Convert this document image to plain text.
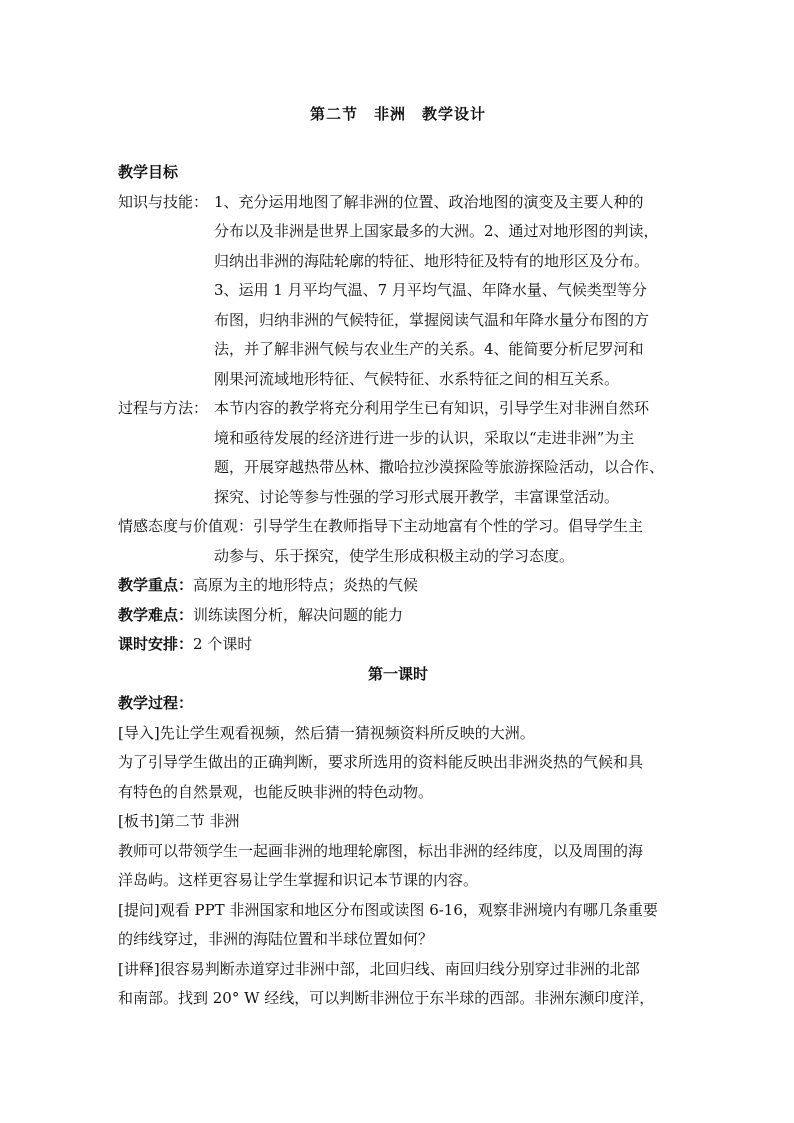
第二节　非洲　教学设计
教学目标
知识与技能： 1、充分运用地图了解非洲的位置、政治地图的演变及主要人种的
分布以及非洲是世界上国家最多的大洲。2、通过对地形图的判读，
归纳出非洲的海陆轮廓的特征、地形特征及特有的地形区及分布。
3、运用 1 月平均气温、7 月平均气温、年降水量、气候类型等分
布图，归纳非洲的气候特征，掌握阅读气温和年降水量分布图的方
法，并了解非洲气候与农业生产的关系。4、能简要分析尼罗河和
刚果河流域地形特征、气候特征、水系特征之间的相互关系。
过程与方法： 本节内容的教学将充分利用学生已有知识，引导学生对非洲自然环
境和亟待发展的经济进行进一步的认识，采取以“走进非洲”为主
题，开展穿越热带丛林、撒哈拉沙漠探险等旅游探险活动，以合作、
探究、讨论等参与性强的学习形式展开教学，丰富课堂活动。
情感态度与价值观：引导学生在教师指导下主动地富有个性的学习。倡导学生主
动参与、乐于探究，使学生形成积极主动的学习态度。
教学重点：高原为主的地形特点；炎热的气候
教学难点：训练读图分析，解决问题的能力
课时安排：2 个课时
第一课时
教学过程：
[导入]先让学生观看视频，然后猜一猜视频资料所反映的大洲。
为了引导学生做出的正确判断，要求所选用的资料能反映出非洲炎热的气候和具
有特色的自然景观，也能反映非洲的特色动物。
[板书]第二节 非洲
教师可以带领学生一起画非洲的地理轮廓图，标出非洲的经纬度，以及周围的海
洋岛屿。这样更容易让学生掌握和识记本节课的内容。
[提问]观看 PPT 非洲国家和地区分布图或读图 6-16，观察非洲境内有哪几条重要
的纬线穿过，非洲的海陆位置和半球位置如何？
[讲释]很容易判断赤道穿过非洲中部，北回归线、南回归线分别穿过非洲的北部
和南部。找到 20° W 经线，可以判断非洲位于东半球的西部。非洲东濒印度洋，
